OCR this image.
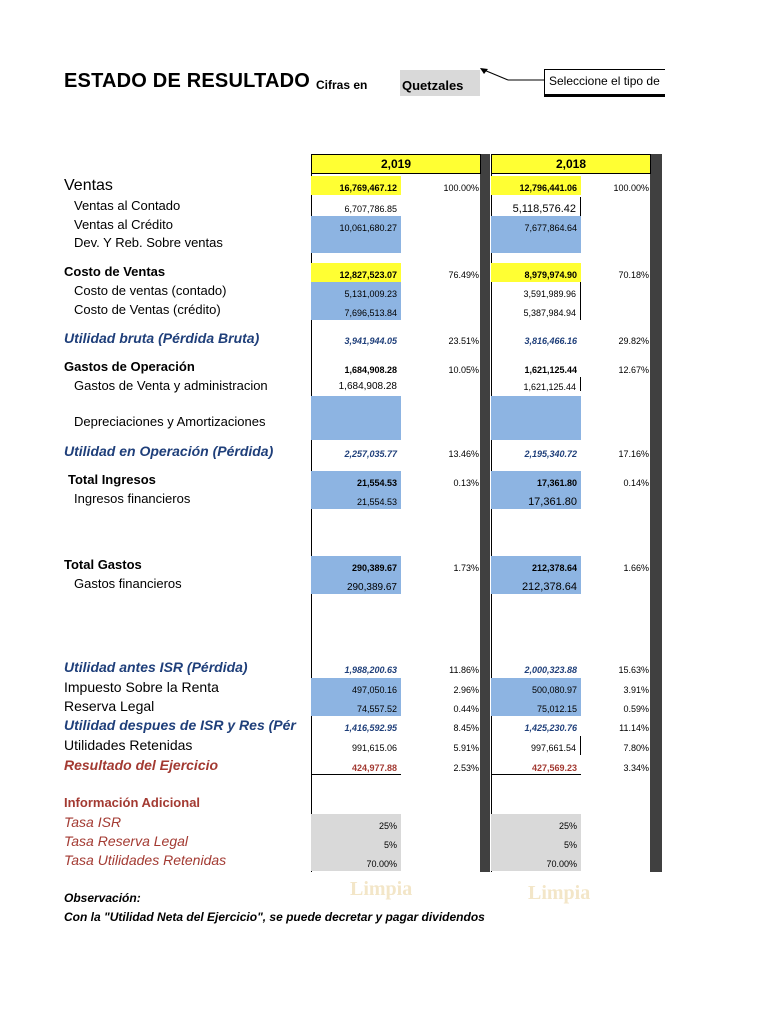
ESTADO DE RESULTADO Cifras en	Quetzales	Seleccione el tipo de
2,019	2,018
Ventas	16,769,467.12	100.00%	12,796,441.06	100.00%
Ventas al Contado	6,707,786.85	5,118,576.42
Ventas al Crédito	10,061,680.27	7,677,864.64
Dev. Y Reb. Sobre ventas
Costo de Ventas	12,827,523.07	76.49%	8,979,974.90	70.18%
Costo de ventas (contado)	5,131,009.23	3,591,989.96
Costo de Ventas (crédito)	7,696,513.84	5,387,984.94
Utilidad bruta (Pérdida Bruta)	3,941,944.05	23.51%	3,816,466.16	29.82%
Gastos de Operación	1,684,908.28	10.05%	1,621,125.44	12.67%
Gastos de Venta y administracion	1,684,908.28	1,621,125.44
Depreciaciones y Amortizaciones
Utilidad en Operación (Pérdida)	2,257,035.77	13.46%	2,195,340.72	17.16%
Total Ingresos	21,554.53	0.13%	17,361.80	0.14%
Ingresos financieros	21,554.53	17,361.80
Total Gastos	290,389.67	1.73%	212,378.64	1.66%
Gastos financieros	290,389.67	212,378.64
Utilidad antes ISR (Pérdida)	1,988,200.63	11.86%	2,000,323.88	15.63%
Impuesto Sobre la Renta	497,050.16	2.96%	500,080.97	3.91%
Reserva Legal	74,557.52	0.44%	75,012.15	0.59%
Utilidad despues de ISR y Res (Pér	1,416,592.95	8.45%	1,425,230.76	11.14%
Utilidades Retenidas	991,615.06	5.91%	997,661.54	7.80%
Resultado del Ejercicio	424,977.88	2.53%	427,569.23	3.34%
Información Adicional
Tasa ISR	25%	25%
Tasa Reserva Legal	5%	5%
Tasa Utilidades Retenidas	70.00%	70.00%
Limpia	Limpia
Observación:
Con la "Utilidad Neta del Ejercicio", se puede decretar y pagar dividendos
